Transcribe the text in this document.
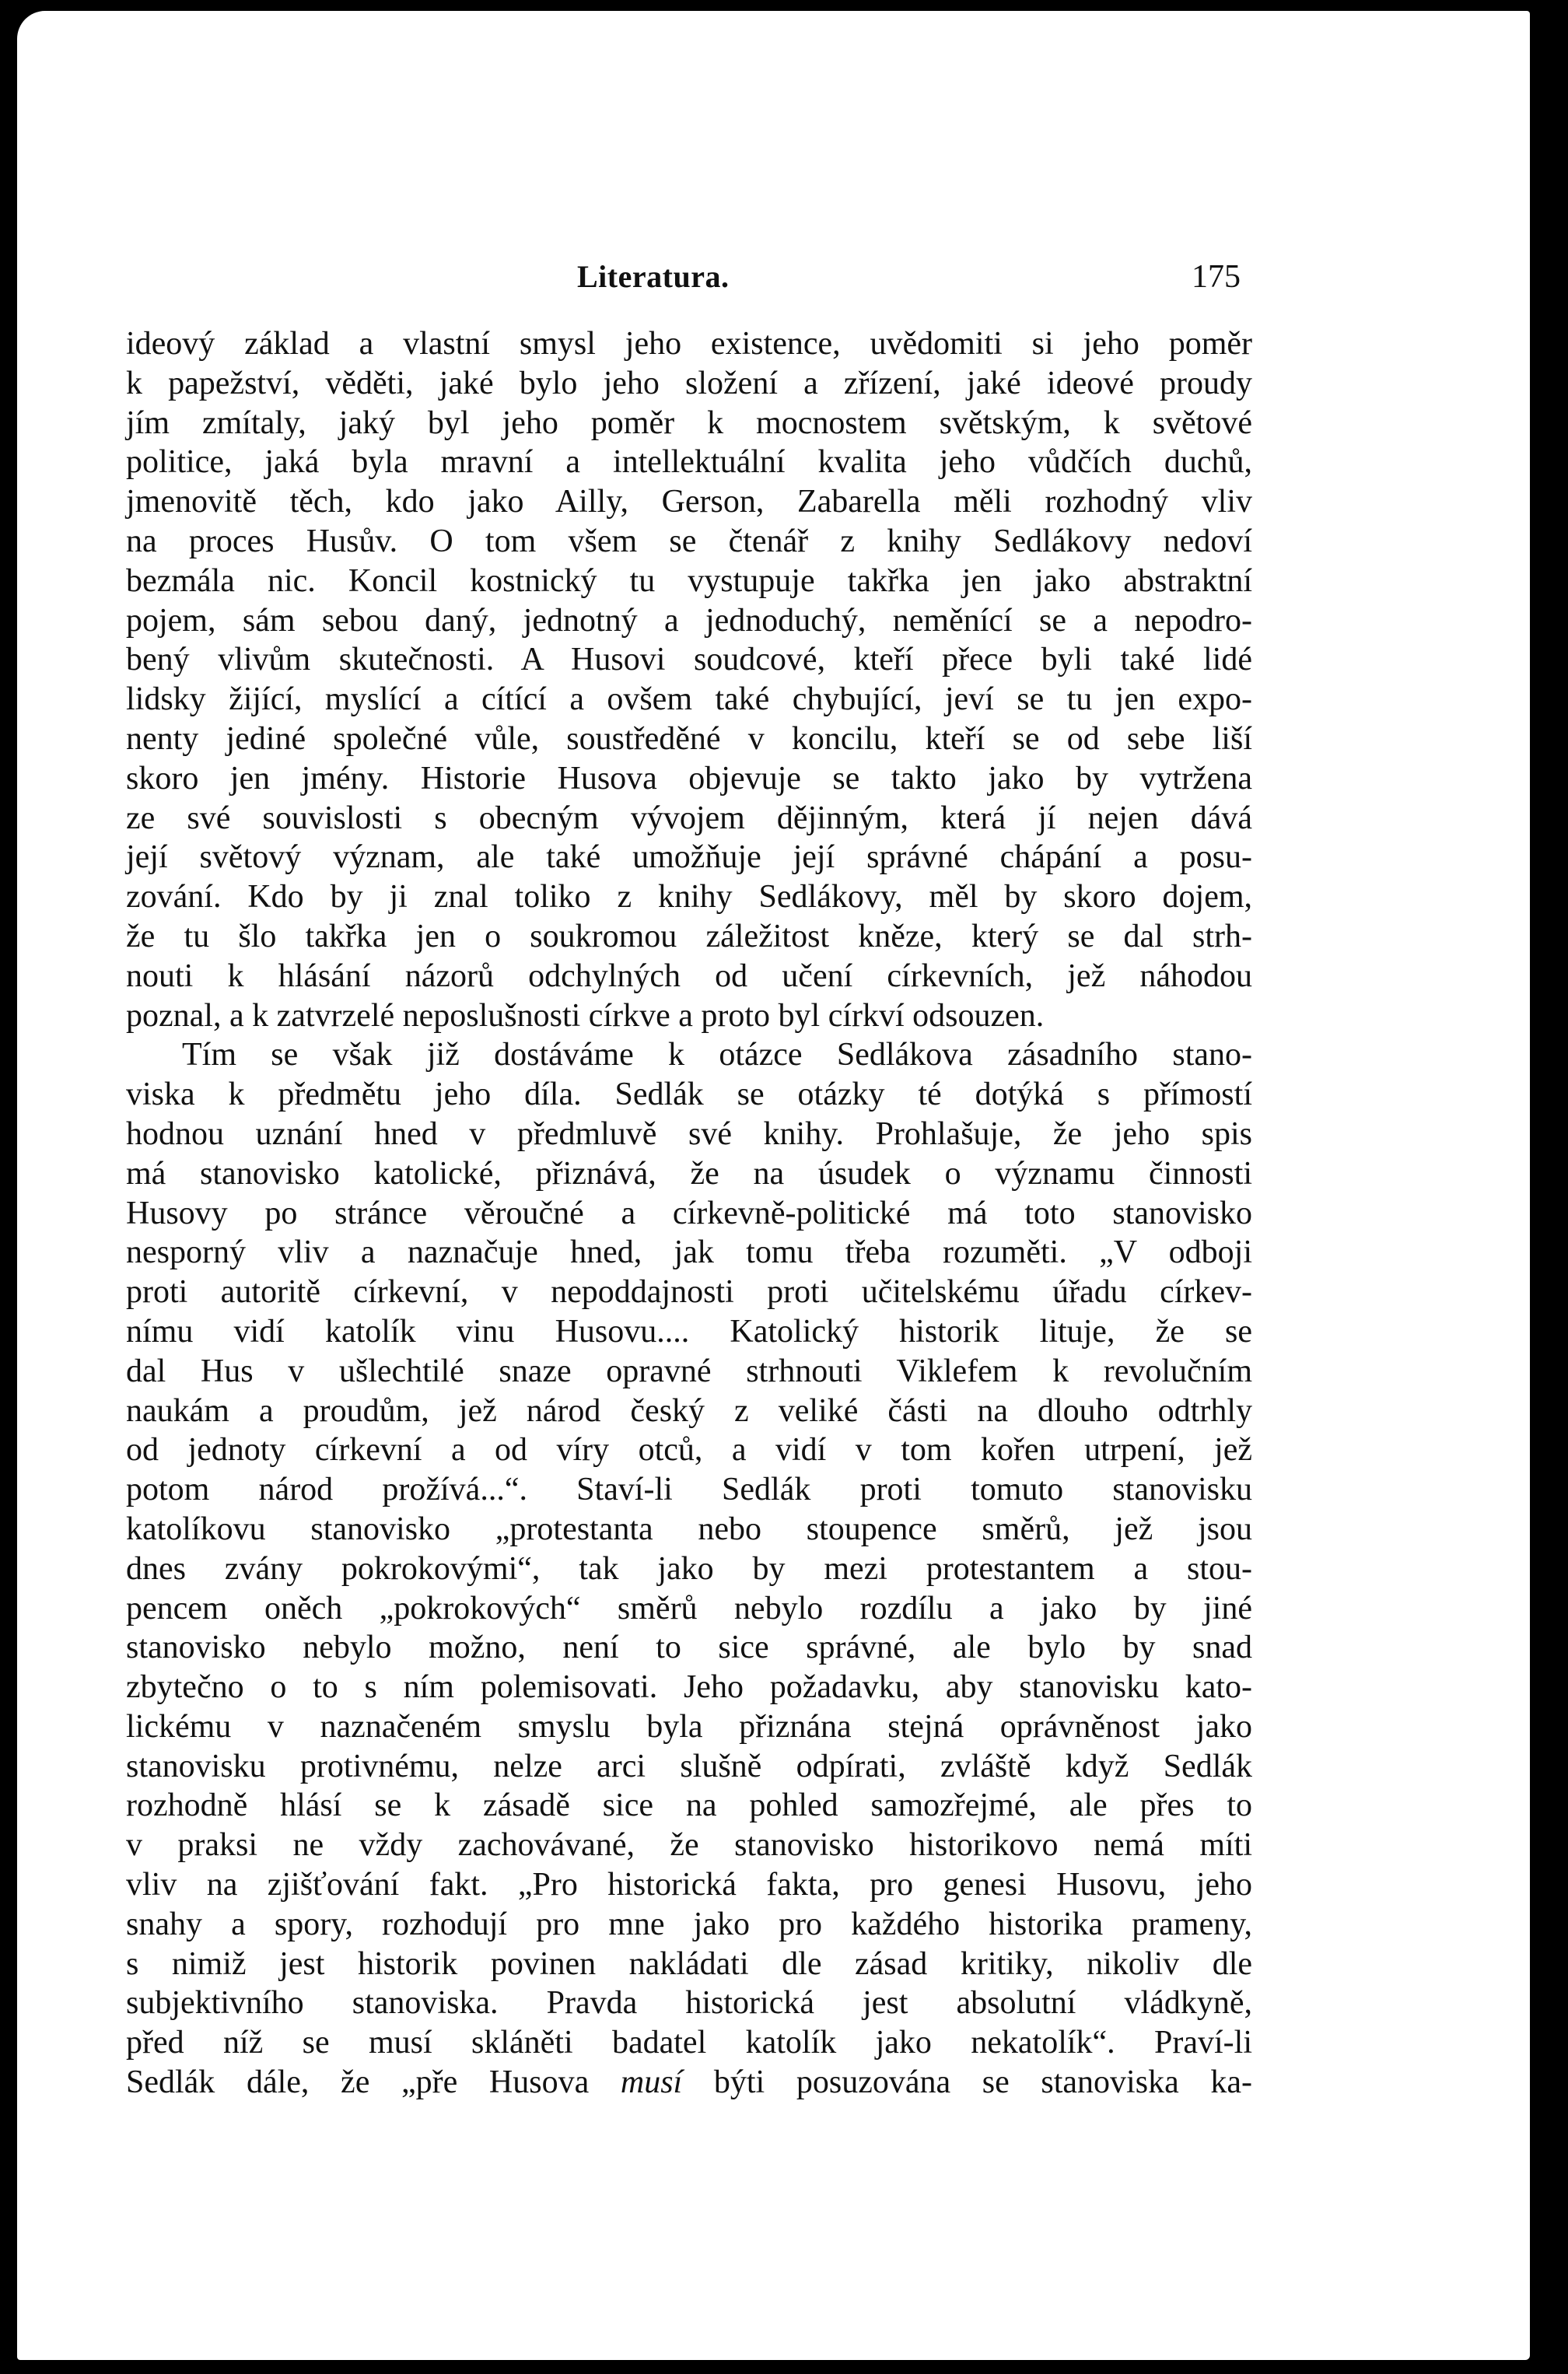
Literatura.	175
ideový základ a vlastní smysl jeho existence, uvědomiti si jeho poměr
k papežství, věděti, jaké bylo jeho složení a zřízení, jaké ideové proudy
jím zmítaly, jaký byl jeho poměr k mocnostem světským, k světové
politice, jaká byla mravní a intellektuální kvalita jeho vůdčích duchů,
jmenovitě těch, kdo jako Ailly, Gerson, Zabarella měli rozhodný vliv
na proces Husův. O tom všem se čtenář z knihy Sedlákovy nedoví
bezmála nic. Koncil kostnický tu vystupuje takřka jen jako abstraktní
pojem, sám sebou daný, jednotný a jednoduchý, neměnící se a nepodro-
bený vlivům skutečnosti. A Husovi soudcové, kteří přece byli také lidé
lidsky žijící, myslící a cítící a ovšem také chybující, jeví se tu jen expo-
nenty jediné společné vůle, soustředěné v koncilu, kteří se od sebe liší
skoro jen jmény. Historie Husova objevuje se takto jako by vytržena
ze své souvislosti s obecným vývojem dějinným, která jí nejen dává
její světový význam, ale také umožňuje její správné chápání a posu-
zování. Kdo by ji znal toliko z knihy Sedlákovy, měl by skoro dojem,
že tu šlo takřka jen o soukromou záležitost kněze, který se dal strh-
nouti k hlásání názorů odchylných od učení církevních, jež náhodou
poznal, a k zatvrzelé neposlušnosti církve a proto byl církví odsouzen.
Tím se však již dostáváme k otázce Sedlákova zásadního stano-
viska k předmětu jeho díla. Sedlák se otázky té dotýká s přímostí
hodnou uznání hned v předmluvě své knihy. Prohlašuje, že jeho spis
má stanovisko katolické, přiznává, že na úsudek o významu činnosti
Husovy po stránce věroučné a církevně-politické má toto stanovisko
nesporný vliv a naznačuje hned, jak tomu třeba rozuměti. „V odboji
proti autoritě církevní, v nepoddajnosti proti učitelskému úřadu církev-
nímu vidí katolík vinu Husovu.... Katolický historik lituje, že se
dal Hus v ušlechtilé snaze opravné strhnouti Viklefem k revolučním
naukám a proudům, jež národ český z veliké části na dlouho odtrhly
od jednoty církevní a od víry otců, a vidí v tom kořen utrpení, jež
potom národ prožívá...“. Staví-li Sedlák proti tomuto stanovisku
katolíkovu stanovisko „protestanta nebo stoupence směrů, jež jsou
dnes zvány pokrokovými“, tak jako by mezi protestantem a stou-
pencem oněch „pokrokových“ směrů nebylo rozdílu a jako by jiné
stanovisko nebylo možno, není to sice správné, ale bylo by snad
zbytečno o to s ním polemisovati. Jeho požadavku, aby stanovisku kato-
lickému v naznačeném smyslu byla přiznána stejná oprávněnost jako
stanovisku protivnému, nelze arci slušně odpírati, zvláště když Sedlák
rozhodně hlásí se k zásadě sice na pohled samozřejmé, ale přes to
v praksi ne vždy zachovávané, že stanovisko historikovo nemá míti
vliv na zjišťování fakt. „Pro historická fakta, pro genesi Husovu, jeho
snahy a spory, rozhodují pro mne jako pro každého historika prameny,
s nimiž jest historik povinen nakládati dle zásad kritiky, nikoliv dle
subjektivního stanoviska. Pravda historická jest absolutní vládkyně,
před níž se musí skláněti badatel katolík jako nekatolík“. Praví-li
Sedlák dále, že „pře Husova musí býti posuzována se stanoviska ka-
